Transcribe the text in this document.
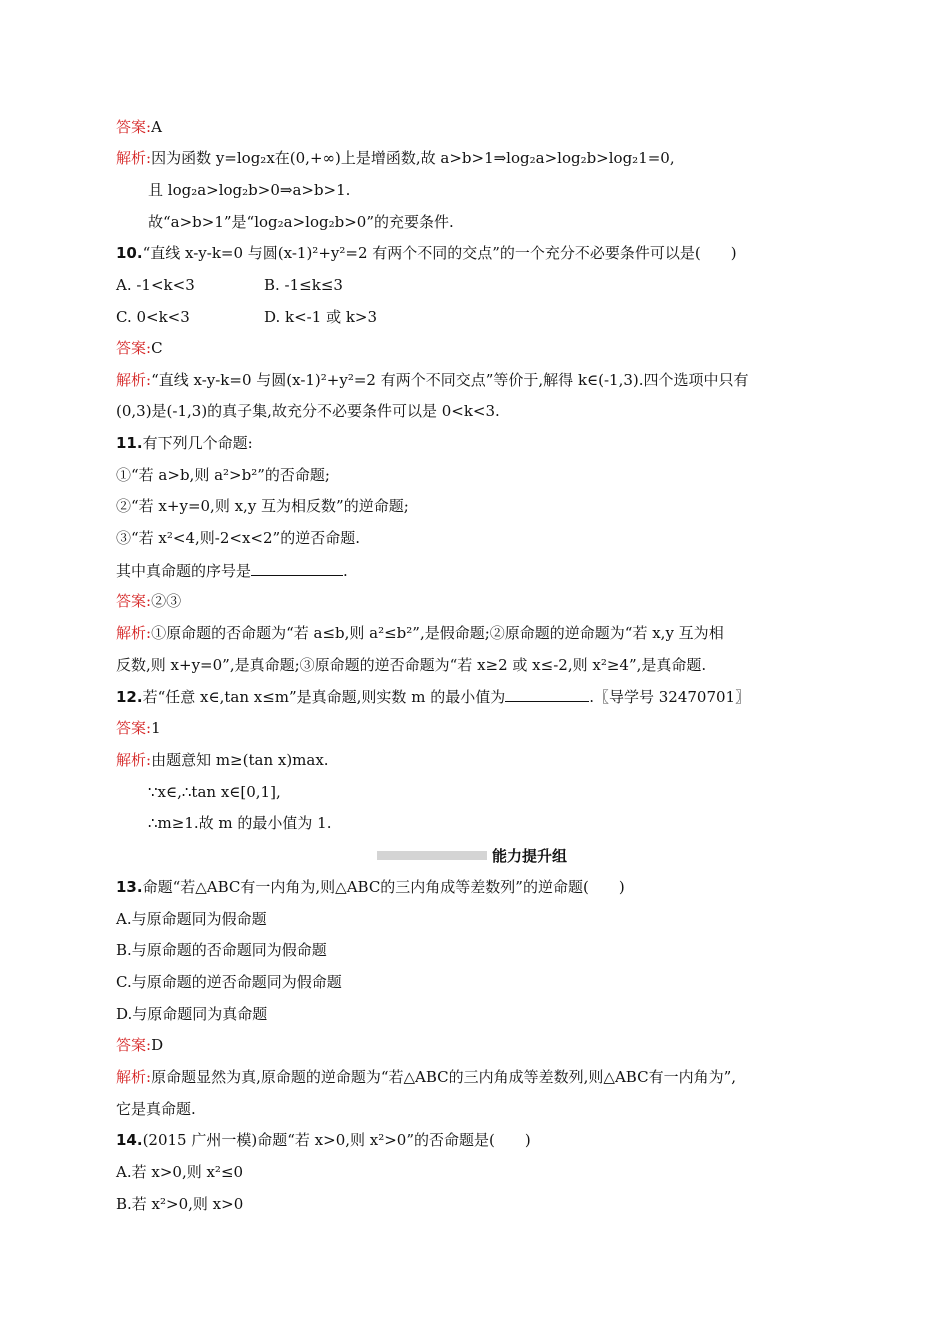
答案:A
解析:因为函数 y=log₂x在(0,+∞)上是增函数,故 a>b>1⇒log₂a>log₂b>log₂1=0,
且 log₂a>log₂b>0⇒a>b>1.
故“a>b>1”是“log₂a>log₂b>0”的充要条件.
10.“直线 x-y-k=0 与圆(x-1)²+y²=2 有两个不同的交点”的一个充分不必要条件可以是(　　)
A. -1<k<3	B. -1≤k≤3
C. 0<k<3	D. k<-1 或 k>3
答案:C
解析:“直线 x-y-k=0 与圆(x-1)²+y²=2 有两个不同交点”等价于,解得 k∈(-1,3).四个选项中只有
(0,3)是(-1,3)的真子集,故充分不必要条件可以是 0<k<3.
11.有下列几个命题:
①“若 a>b,则 a²>b²”的否命题;
②“若 x+y=0,则 x,y 互为相反数”的逆命题;
③“若 x²<4,则-2<x<2”的逆否命题.
其中真命题的序号是	.
答案:②③
解析:①原命题的否命题为“若 a≤b,则 a²≤b²”,是假命题;②原命题的逆命题为“若 x,y 互为相
反数,则 x+y=0”,是真命题;③原命题的逆否命题为“若 x≥2 或 x≤-2,则 x²≥4”,是真命题.
12.若“任意 x∈,tan x≤m”是真命题,则实数 m 的最小值为	.〖导学号 32470701〗
答案:1
解析:由题意知 m≥(tan x)max.
∵x∈,∴tan x∈[0,1],
∴m≥1.故 m 的最小值为 1.
能力提升组
13.命题“若△ABC有一内角为,则△ABC的三内角成等差数列”的逆命题(　　)
A.与原命题同为假命题
B.与原命题的否命题同为假命题
C.与原命题的逆否命题同为假命题
D.与原命题同为真命题
答案:D
解析:原命题显然为真,原命题的逆命题为“若△ABC的三内角成等差数列,则△ABC有一内角为”,
它是真命题.
14.(2015 广州一模)命题“若 x>0,则 x²>0”的否命题是(　　)
A.若 x>0,则 x²≤0
B.若 x²>0,则 x>0
